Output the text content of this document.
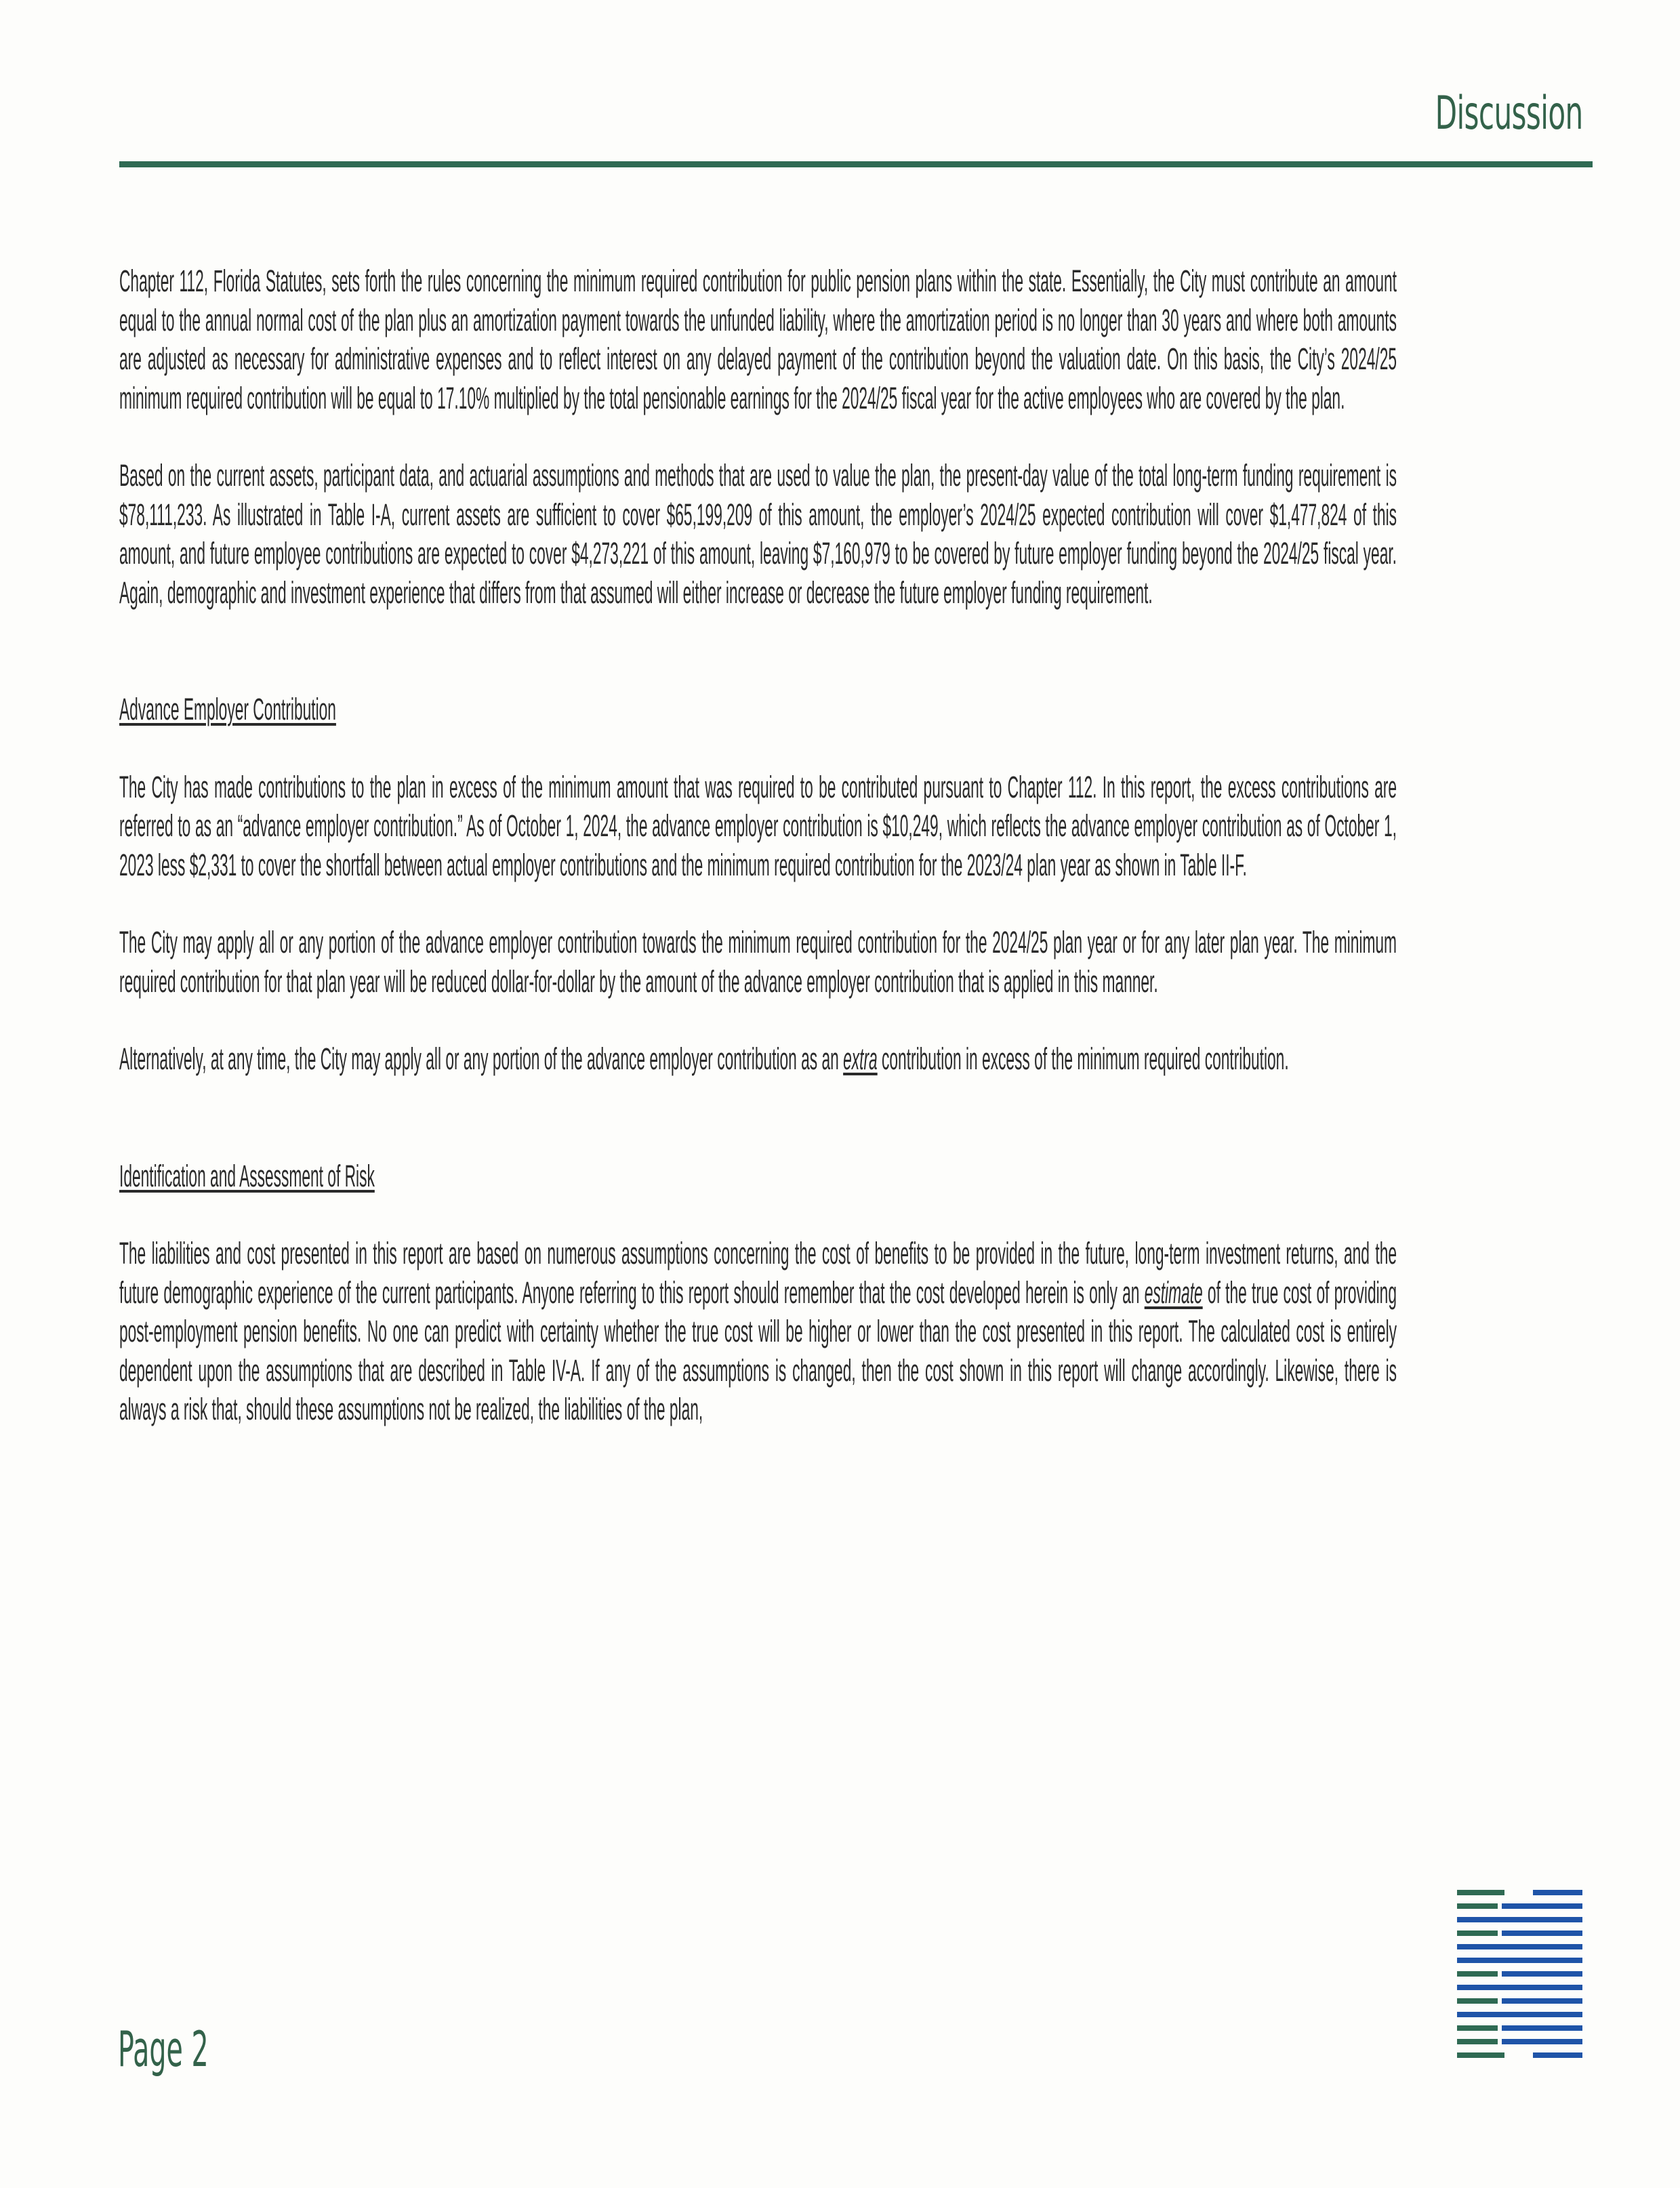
Discussion

Chapter 112, Florida Statutes, sets forth the rules concerning the minimum required contribution for public pension plans within the state. Essentially, the City must contribute an amount equal to the annual normal cost of the plan plus an amortization payment towards the unfunded liability, where the amortization period is no longer than 30 years and where both amounts are adjusted as necessary for administrative expenses and to reflect interest on any delayed payment of the contribution beyond the valuation date. On this basis, the City’s 2024/25 minimum required contribution will be equal to 17.10% multiplied by the total pensionable earnings for the 2024/25 fiscal year for the active employees who are covered by the plan.

Based on the current assets, participant data, and actuarial assumptions and methods that are used to value the plan, the present-day value of the total long-term funding requirement is $78,111,233. As illustrated in Table I-A, current assets are sufficient to cover $65,199,209 of this amount, the employer’s 2024/25 expected contribution will cover $1,477,824 of this amount, and future employee contributions are expected to cover $4,273,221 of this amount, leaving $7,160,979 to be covered by future employer funding beyond the 2024/25 fiscal year. Again, demographic and investment experience that differs from that assumed will either increase or decrease the future employer funding requirement.

Advance Employer Contribution

The City has made contributions to the plan in excess of the minimum amount that was required to be contributed pursuant to Chapter 112. In this report, the excess contributions are referred to as an “advance employer contribution.” As of October 1, 2024, the advance employer contribution is $10,249, which reflects the advance employer contribution as of October 1, 2023 less $2,331 to cover the shortfall between actual employer contributions and the minimum required contribution for the 2023/24 plan year as shown in Table II-F.

The City may apply all or any portion of the advance employer contribution towards the minimum required contribution for the 2024/25 plan year or for any later plan year. The minimum required contribution for that plan year will be reduced dollar-for-dollar by the amount of the advance employer contribution that is applied in this manner.

Alternatively, at any time, the City may apply all or any portion of the advance employer contribution as an extra contribution in excess of the minimum required contribution.

Identification and Assessment of Risk

The liabilities and cost presented in this report are based on numerous assumptions concerning the cost of benefits to be provided in the future, long-term investment returns, and the future demographic experience of the current participants. Anyone referring to this report should remember that the cost developed herein is only an estimate of the true cost of providing post-employment pension benefits. No one can predict with certainty whether the true cost will be higher or lower than the cost presented in this report. The calculated cost is entirely dependent upon the assumptions that are described in Table IV-A. If any of the assumptions is changed, then the cost shown in this report will change accordingly. Likewise, there is always a risk that, should these assumptions not be realized, the liabilities of the plan,

Page 2
